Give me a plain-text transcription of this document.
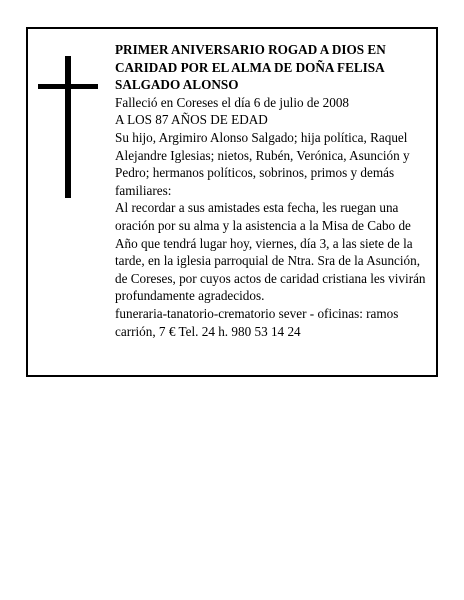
PRIMER ANIVERSARIO ROGAD A DIOS EN CARIDAD POR EL ALMA DE DOÑA FELISA SALGADO ALONSO

Falleció en Coreses el día 6 de julio de 2008

A LOS 87 AÑOS DE EDAD

Su hijo, Argimiro Alonso Salgado; hija política, Raquel Alejandre Iglesias; nietos, Rubén, Verónica, Asunción y Pedro; hermanos políticos, sobrinos, primos y demás familiares:

Al recordar a sus amistades esta fecha, les ruegan una oración por su alma y la asistencia a la Misa de Cabo de Año que tendrá lugar hoy, viernes, día 3, a las siete de la tarde, en la iglesia parroquial de Ntra. Sra de la Asunción, de Coreses, por cuyos actos de caridad cristiana les vivirán profundamente agradecidos.

funeraria-tanatorio-crematorio sever - oficinas: ramos carrión, 7 € Tel. 24 h. 980 53 14 24
